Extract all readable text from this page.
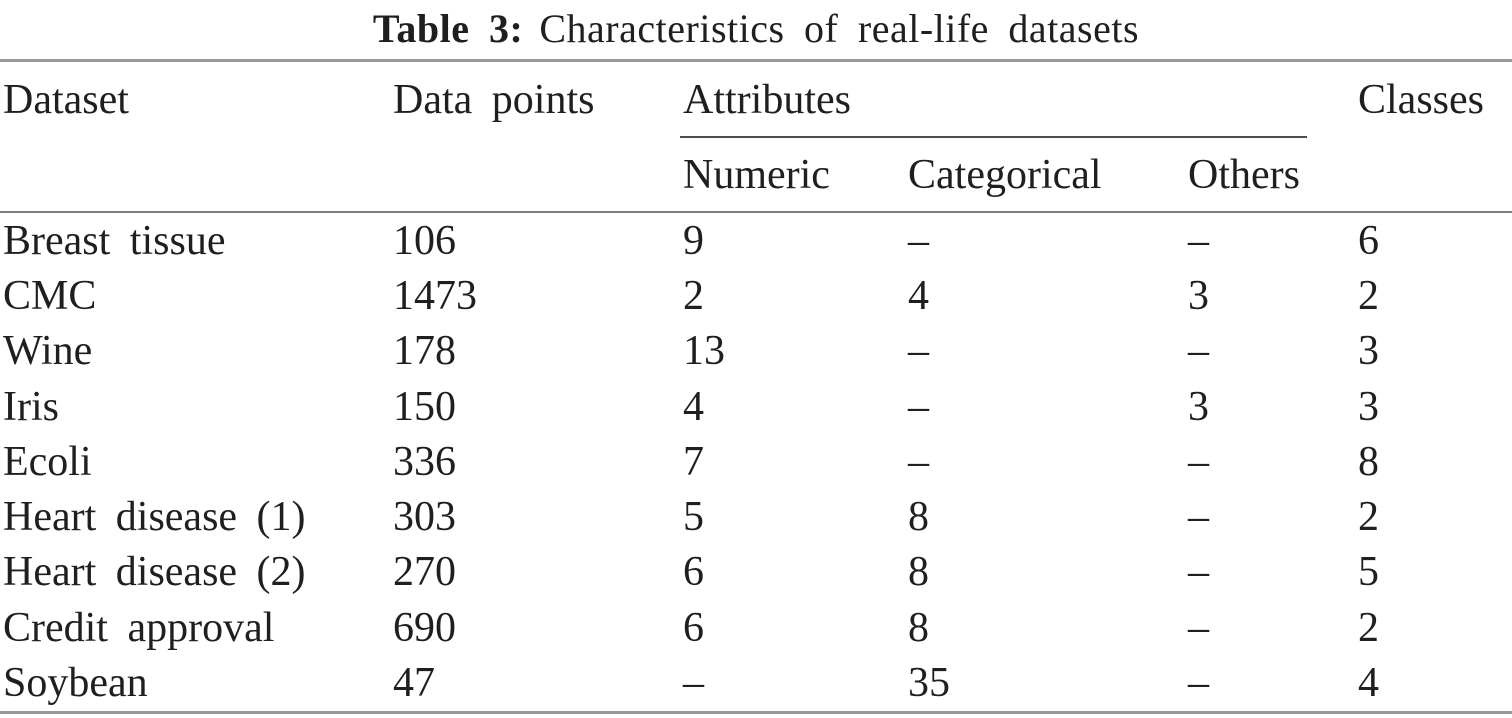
Table 3: Characteristics of real-life datasets
Dataset	Data points	Attributes	Classes
Numeric	Categorical	Others
Breast tissue	106	9	–	–	6
CMC	1473	2	4	3	2
Wine	178	13	–	–	3
Iris	150	4	–	3	3
Ecoli	336	7	–	–	8
Heart disease (1)	303	5	8	–	2
Heart disease (2)	270	6	8	–	5
Credit approval	690	6	8	–	2
Soybean	47	–	35	–	4
